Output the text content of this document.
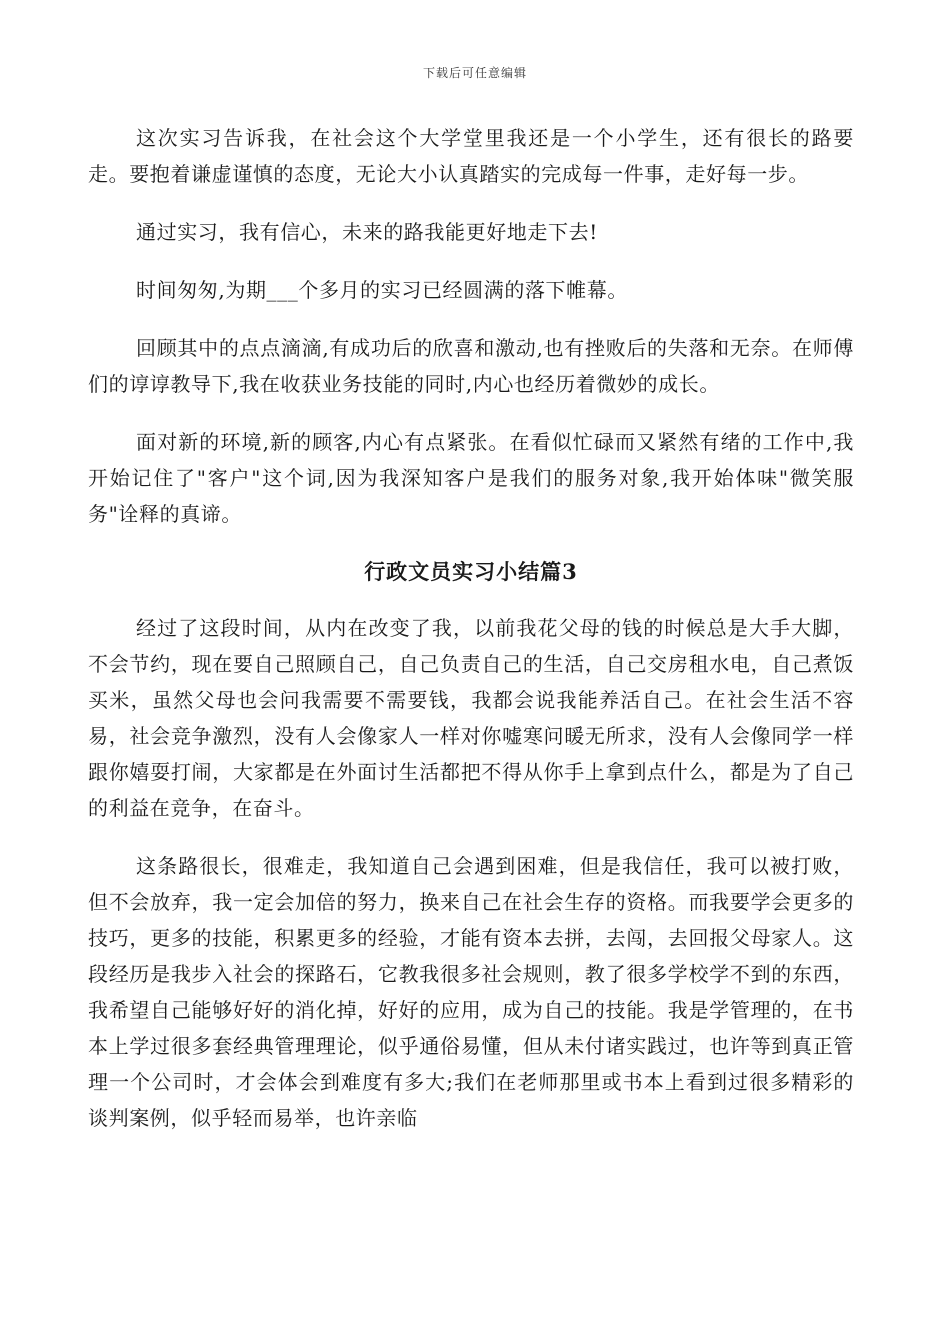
下载后可任意编辑

这次实习告诉我，在社会这个大学堂里我还是一个小学生，还有很长的路要走。要抱着谦虚谨慎的态度，无论大小认真踏实的完成每一件事，走好每一步。

通过实习，我有信心，未来的路我能更好地走下去!

时间匆匆,为期___个多月的实习已经圆满的落下帷幕。

回顾其中的点点滴滴,有成功后的欣喜和激动,也有挫败后的失落和无奈。在师傅们的谆谆教导下,我在收获业务技能的同时,内心也经历着微妙的成长。

面对新的环境,新的顾客,内心有点紧张。在看似忙碌而又紧然有绪的工作中,我开始记住了"客户"这个词,因为我深知客户是我们的服务对象,我开始体味"微笑服务"诠释的真谛。

行政文员实习小结篇3

经过了这段时间，从内在改变了我，以前我花父母的钱的时候总是大手大脚，不会节约，现在要自己照顾自己，自己负责自己的生活，自己交房租水电，自己煮饭买米，虽然父母也会问我需要不需要钱，我都会说我能养活自己。在社会生活不容易，社会竞争激烈，没有人会像家人一样对你嘘寒问暖无所求，没有人会像同学一样跟你嬉耍打闹，大家都是在外面讨生活都把不得从你手上拿到点什么，都是为了自己的利益在竞争，在奋斗。

这条路很长，很难走，我知道自己会遇到困难，但是我信任，我可以被打败，但不会放弃，我一定会加倍的努力，换来自己在社会生存的资格。而我要学会更多的技巧，更多的技能，积累更多的经验，才能有资本去拼，去闯，去回报父母家人。这段经历是我步入社会的探路石，它教我很多社会规则，教了很多学校学不到的东西，我希望自己能够好好的消化掉，好好的应用，成为自己的技能。我是学管理的，在书本上学过很多套经典管理理论，似乎通俗易懂，但从未付诸实践过，也许等到真正管理一个公司时，才会体会到难度有多大;我们在老师那里或书本上看到过很多精彩的谈判案例，似乎轻而易举，也许亲临
